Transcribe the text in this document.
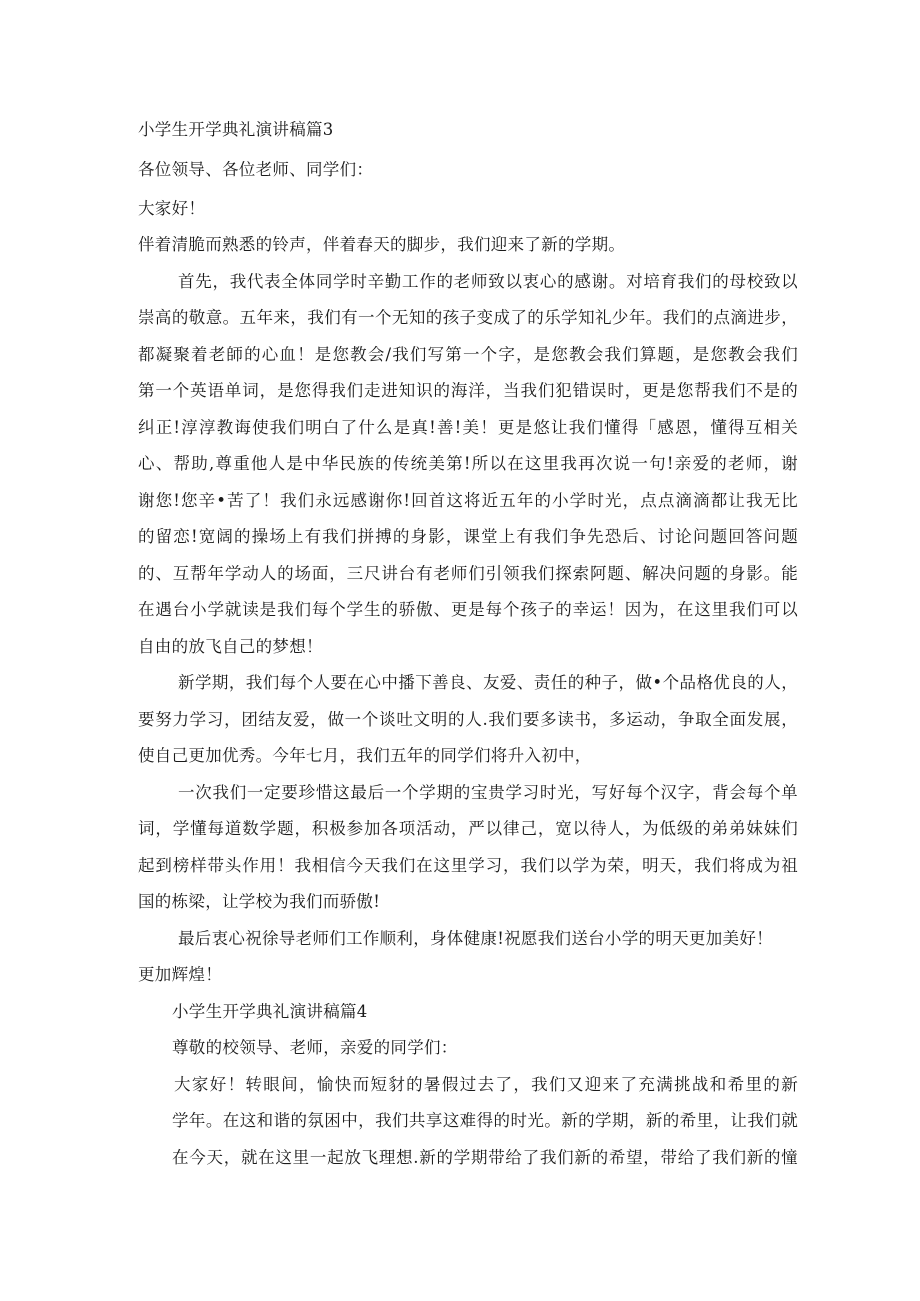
小学生开学典礼演讲稿篇3
各位领导、各位老师、同学们：
大家好！
伴着清脆而熟悉的铃声，伴着春天的脚步，我们迎来了新的学期。
首先，我代表全体同学时辛勤工作的老师致以衷心的感谢。对培育我们的母校致以
崇高的敬意。五年来，我们有一个无知的孩子变成了的乐学知礼少年。我们的点滴进步，
都凝聚着老師的心血！是您教会/我们写第一个字，是您教会我们算题，是您教会我们
第一个英语单词，是您得我们走进知识的海洋，当我们犯错误时，更是您帮我们不是的
纠正!淳淳教诲使我们明白了什么是真!善!美！更是悠让我们懂得「感恩，懂得互相关
心、帮助,尊重他人是中华民族的传统美第!所以在这里我再次说一句!亲爱的老师，谢
谢您!您辛•苦了！我们永远感谢你!回首这将近五年的小学时光，点点滴滴都让我无比
的留恋!宽阔的操场上有我们拼搏的身影，课堂上有我们争先恐后、讨论问题回答问题
的、互帮年学动人的场面，三尺讲台有老师们引领我们探索阿题、解决问题的身影。能
在遇台小学就读是我们每个学生的骄傲、更是每个孩子的幸运！因为，在这里我们可以
自由的放飞自己的梦想！
新学期，我们每个人要在心中播下善良、友爱、责任的种子，做•个品格优良的人，
要努力学习，团结友爱，做一个谈吐文明的人.我们要多读书，多运动，争取全面发展，
使自己更加优秀。今年七月，我们五年的同学们将升入初中，
一次我们一定要珍惜这最后一个学期的宝贵学习时光，写好每个汉字，背会每个单
词，学懂每道数学题，积极参加各项活动，严以律己，宽以待人，为低级的弟弟妹妹们
起到榜样带头作用！我相信今天我们在这里学习，我们以学为荣，明天，我们将成为祖
国的栋梁，让学校为我们而骄傲!
最后衷心祝徐导老师们工作顺利，身体健康!祝愿我们送台小学的明天更加美好！
更加辉煌！
小学生开学典礼演讲稿篇4
尊敬的校领导、老师，亲爱的同学们：
大家好！转眼间，愉快而短豺的暑假过去了，我们又迎来了充满挑战和希里的新
学年。在这和谐的氛困中，我们共享这难得的时光。新的学期，新的希里，让我们就
在今天，就在这里一起放飞理想.新的学期带给了我们新的希望，带给了我们新的憧
